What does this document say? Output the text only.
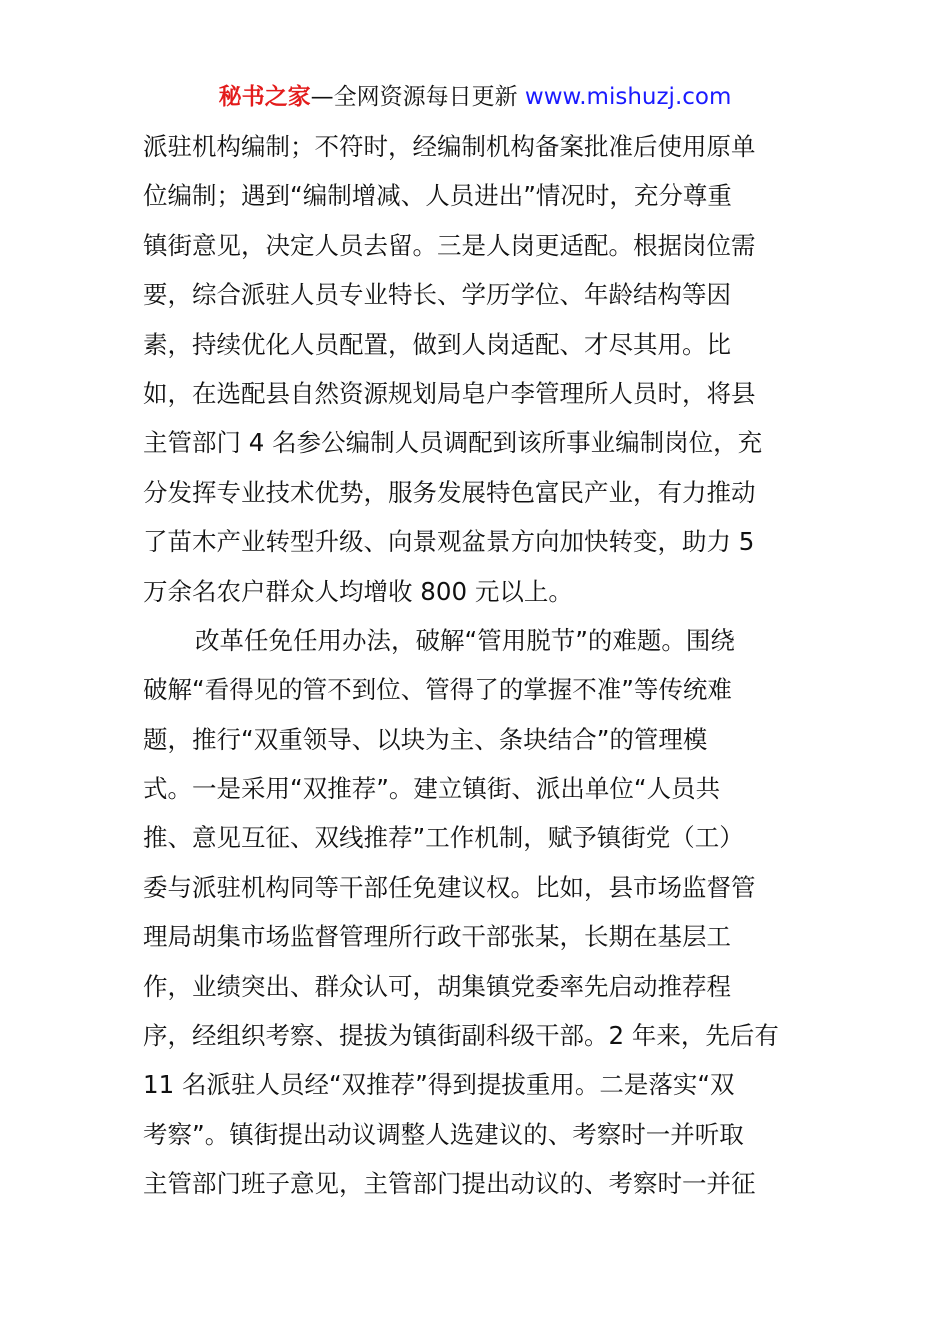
秘书之家—全网资源每日更新 www.mishuzj.com
派驻机构编制；不符时，经编制机构备案批准后使用原单
位编制；遇到“编制增减、人员进出”情况时，充分尊重
镇街意见，决定人员去留。三是人岗更适配。根据岗位需
要，综合派驻人员专业特长、学历学位、年龄结构等因
素，持续优化人员配置，做到人岗适配、才尽其用。比
如，在选配县自然资源规划局皂户李管理所人员时，将县
主管部门 4 名参公编制人员调配到该所事业编制岗位，充
分发挥专业技术优势，服务发展特色富民产业，有力推动
了苗木产业转型升级、向景观盆景方向加快转变，助力 5
万余名农户群众人均增收 800 元以上。
改革任免任用办法，破解“管用脱节”的难题。围绕
破解“看得见的管不到位、管得了的掌握不准”等传统难
题，推行“双重领导、以块为主、条块结合”的管理模
式。一是采用“双推荐”。建立镇街、派出单位“人员共
推、意见互征、双线推荐”工作机制，赋予镇街党（工）
委与派驻机构同等干部任免建议权。比如，县市场监督管
理局胡集市场监督管理所行政干部张某，长期在基层工
作，业绩突出、群众认可，胡集镇党委率先启动推荐程
序，经组织考察、提拔为镇街副科级干部。2 年来，先后有
11 名派驻人员经“双推荐”得到提拔重用。二是落实“双
考察”。镇街提出动议调整人选建议的、考察时一并听取
主管部门班子意见，主管部门提出动议的、考察时一并征
